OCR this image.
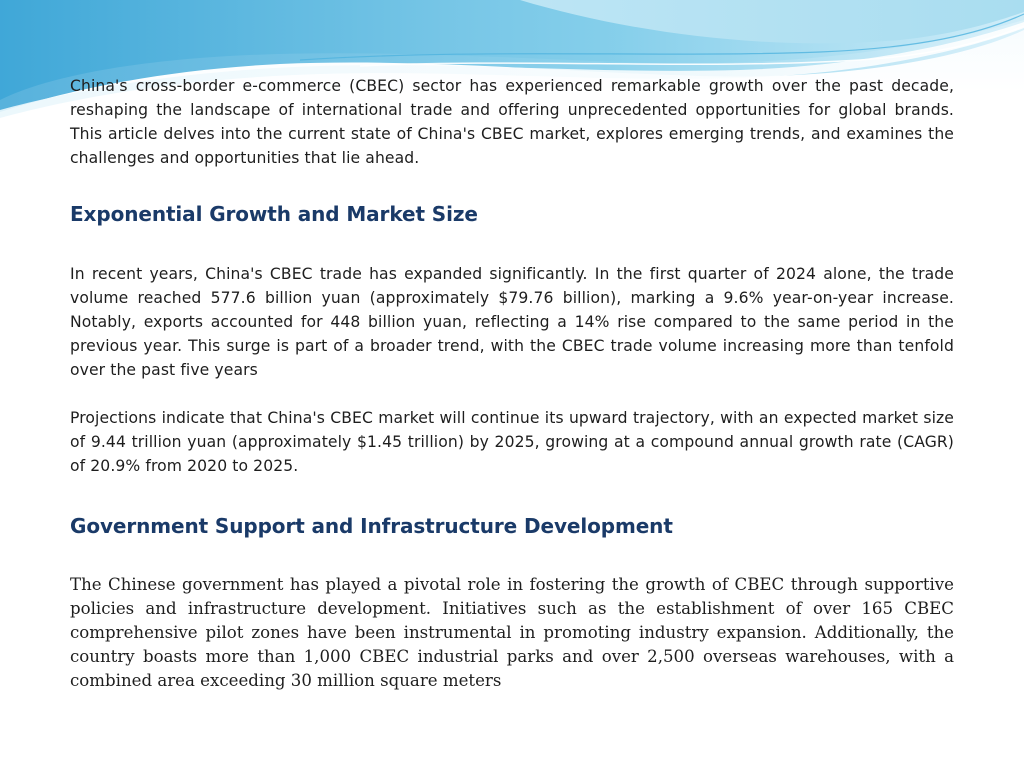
China's cross-border e-commerce (CBEC) sector has experienced remarkable growth over the past decade, reshaping the landscape of international trade and offering unprecedented opportunities for global brands. This article delves into the current state of China's CBEC market, explores emerging trends, and examines the challenges and opportunities that lie ahead.

Exponential Growth and Market Size

In recent years, China's CBEC trade has expanded significantly. In the first quarter of 2024 alone, the trade volume reached 577.6 billion yuan (approximately $79.76 billion), marking a 9.6% year-on-year increase. Notably, exports accounted for 448 billion yuan, reflecting a 14% rise compared to the same period in the previous year. This surge is part of a broader trend, with the CBEC trade volume increasing more than tenfold over the past five years

Projections indicate that China's CBEC market will continue its upward trajectory, with an expected market size of 9.44 trillion yuan (approximately $1.45 trillion) by 2025, growing at a compound annual growth rate (CAGR) of 20.9% from 2020 to 2025.

Government Support and Infrastructure Development

The Chinese government has played a pivotal role in fostering the growth of CBEC through supportive policies and infrastructure development. Initiatives such as the establishment of over 165 CBEC comprehensive pilot zones have been instrumental in promoting industry expansion. Additionally, the country boasts more than 1,000 CBEC industrial parks and over 2,500 overseas warehouses, with a combined area exceeding 30 million square meters
